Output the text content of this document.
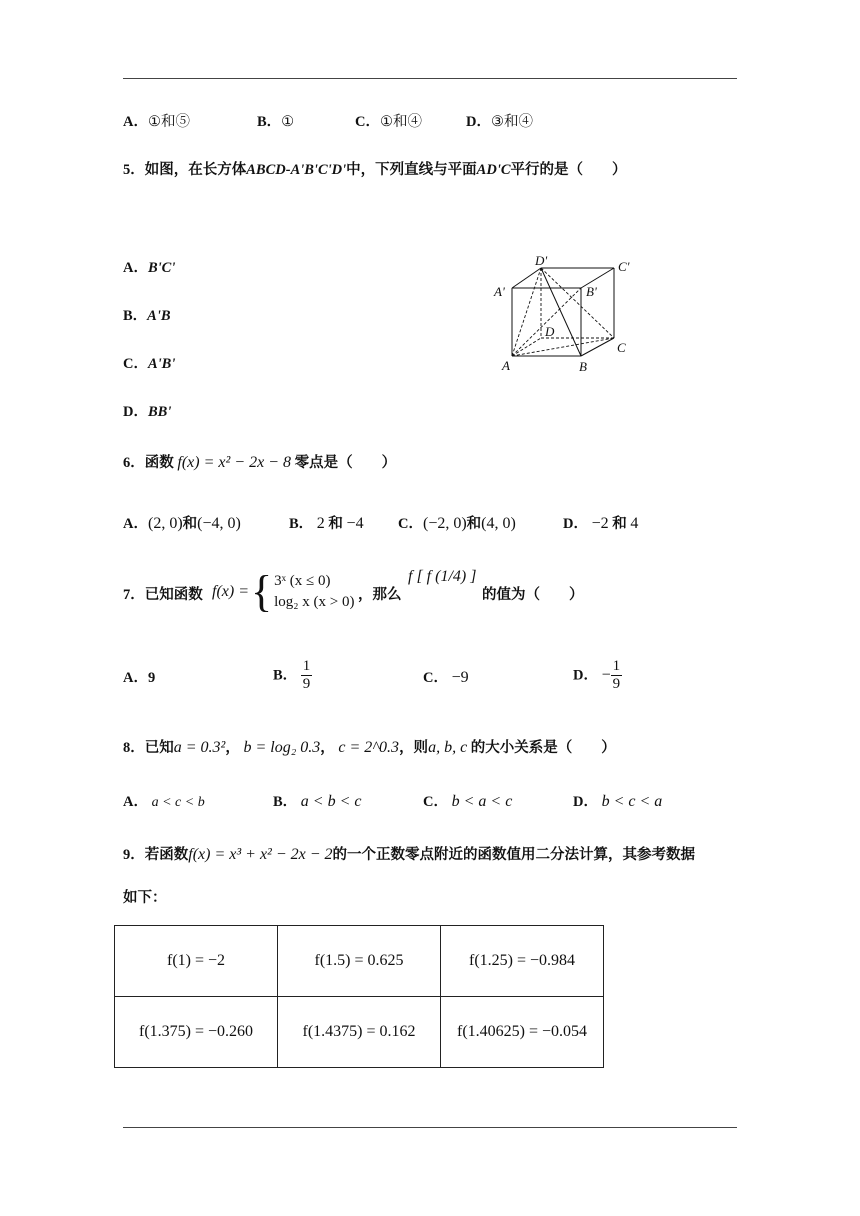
A．①和⑤	B．①	C．①和④	D．③和④
5．如图，在长方体ABCD-A'B'C'D'中，下列直线与平面AD'C平行的是（　　）
A．B'C'
B．A'B
C．A'B'
D．BB'
D'	C'
A'	B'
D
C
A	B
6．函数 f(x) = x² − 2x − 8 零点是（　　）
A．(2, 0)和(−4, 0)	B． 2 和 −4 C．(−2, 0)和(4, 0)	D． −2 和 4
7．已知函数 f(x) = { 3ˣ (x ≤ 0)
log₂ x (x > 0) ，那么
f [ f (1/4) ]
的值为（　　）
A．9	B． $\frac{1}{9}$	C． −9	D． − $\frac{1}{9}$
8．已知a = 0.3²， b = log₂ 0.3， c = 2^0.3，则a, b, c 的大小关系是（　　）
A． a < c < b	B． a < b < c	C． b < a < c	D． b < c < a
9．若函数f(x) = x³ + x² − 2x − 2的一个正数零点附近的函数值用二分法计算，其参考数据
如下：
f(1) = −2	f(1.5) = 0.625	f(1.25) = −0.984
f(1.375) = −0.260	f(1.4375) = 0.162	f(1.40625) = −0.054
